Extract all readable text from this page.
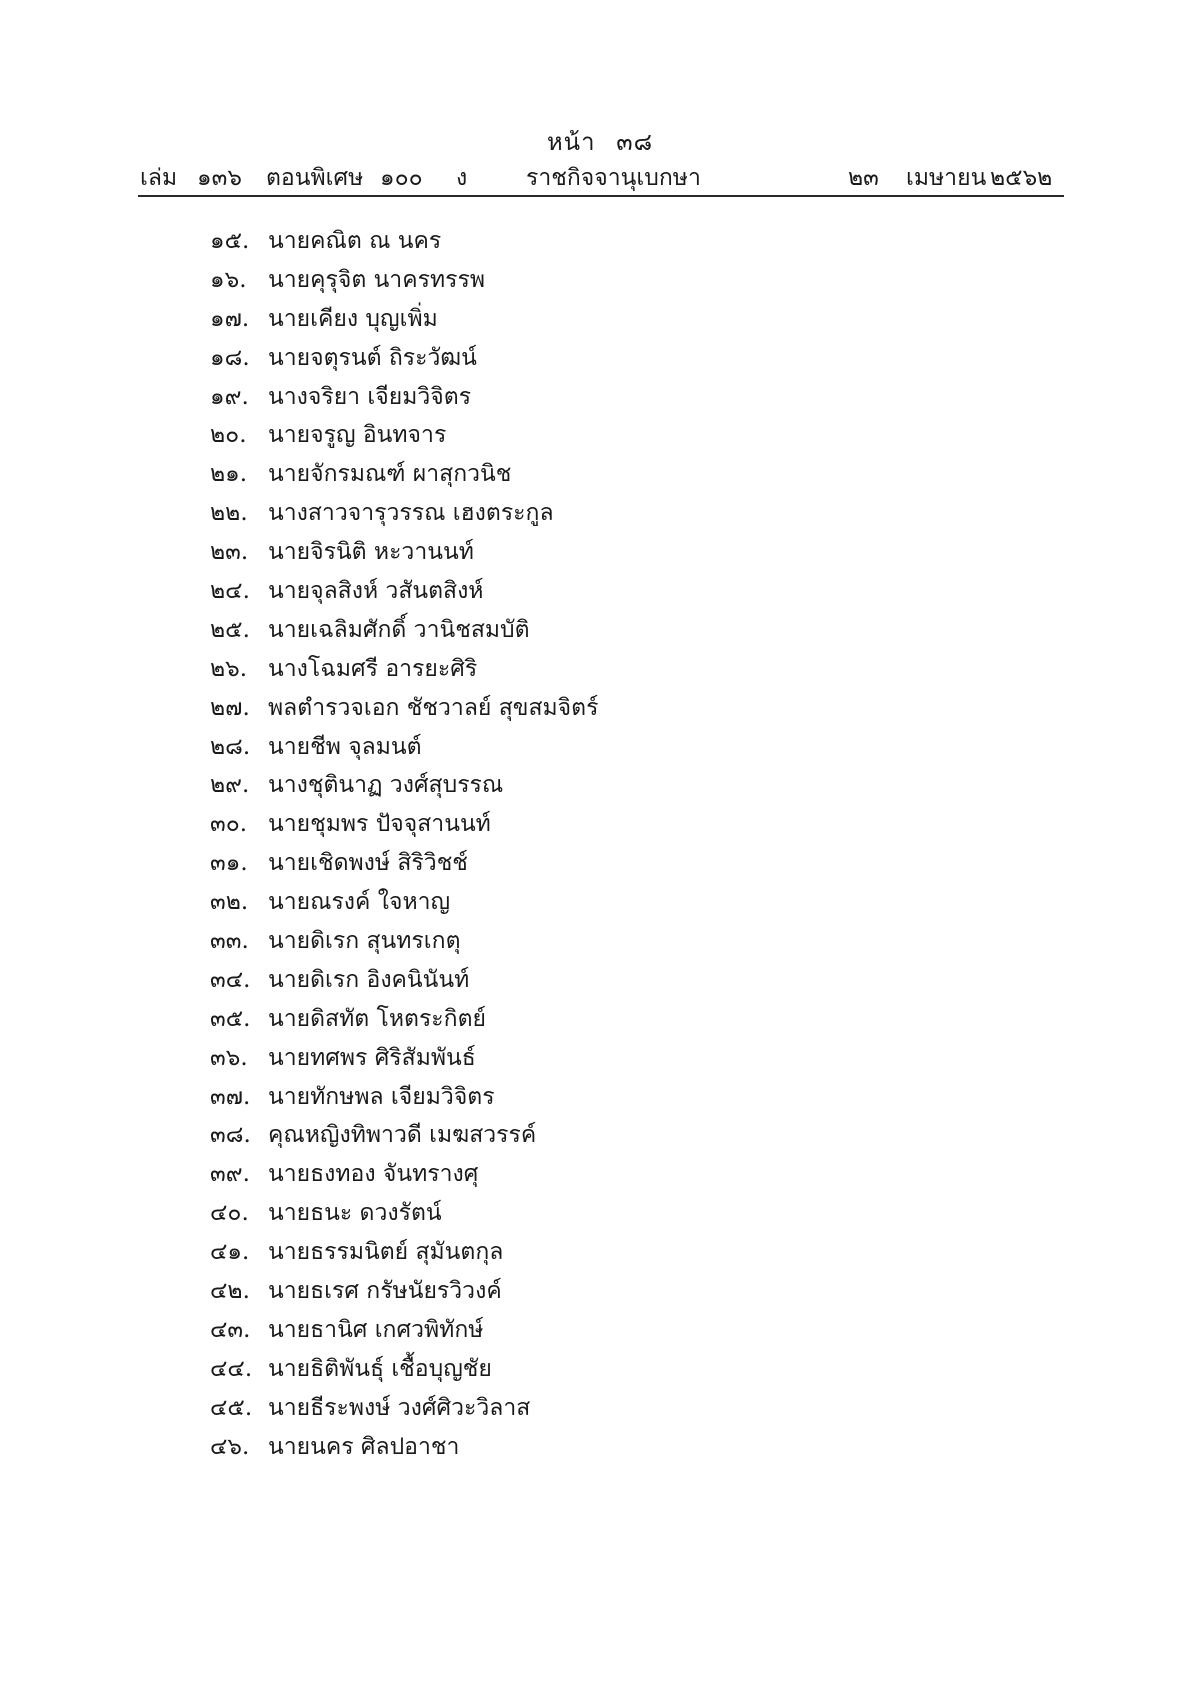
หน้า ๓๘
เล่ม ๑๓๖ ตอนพิเศษ ๑๐๐ ง	ราชกิจจานุเบกษา	๒๓ เมษายน ๒๕๖๒
๑๕. นายคณิต ณ นคร
๑๖. นายคุรุจิต นาครทรรพ
๑๗. นายเคียง บุญเพิ่ม
๑๘. นายจตุรนต์ ถิระวัฒน์
๑๙. นางจริยา เจียมวิจิตร
๒๐. นายจรูญ อินทจาร
๒๑. นายจักรมณฑ์ ผาสุกวนิช
๒๒. นางสาวจารุวรรณ เฮงตระกูล
๒๓. นายจิรนิติ หะวานนท์
๒๔. นายจุลสิงห์ วสันตสิงห์
๒๕. นายเฉลิมศักดิ์ วานิชสมบัติ
๒๖. นางโฉมศรี อารยะศิริ
๒๗. พลตำรวจเอก ชัชวาลย์ สุขสมจิตร์
๒๘. นายชีพ จุลมนต์
๒๙. นางชุตินาฏ วงศ์สุบรรณ
๓๐. นายชุมพร ปัจจุสานนท์
๓๑. นายเชิดพงษ์ สิริวิชช์
๓๒. นายณรงค์ ใจหาญ
๓๓. นายดิเรก สุนทรเกตุ
๓๔. นายดิเรก อิงคนินันท์
๓๕. นายดิสทัต โหตระกิตย์
๓๖. นายทศพร ศิริสัมพันธ์
๓๗. นายทักษพล เจียมวิจิตร
๓๘. คุณหญิงทิพาวดี เมฆสวรรค์
๓๙. นายธงทอง จันทรางศุ
๔๐. นายธนะ ดวงรัตน์
๔๑. นายธรรมนิตย์ สุมันตกุล
๔๒. นายธเรศ กรัษนัยรวิวงค์
๔๓. นายธานิศ เกศวพิทักษ์
๔๔. นายธิติพันธุ์ เชื้อบุญชัย
๔๕. นายธีระพงษ์ วงศ์ศิวะวิลาส
๔๖. นายนคร ศิลปอาชา
